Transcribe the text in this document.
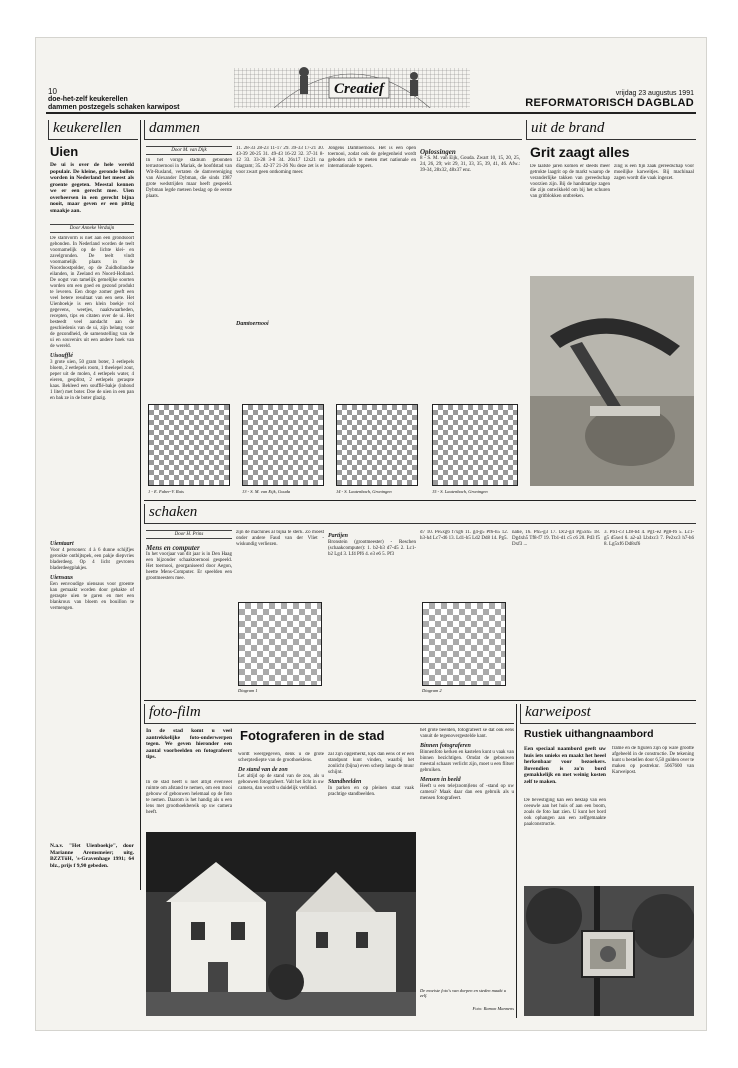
10
doe-het-zelf keukerellen
dammen postzegels schaken karwipost
Creatief	vrijdag 23 augustus 1991
REFORMATORISCH DAGBLAD
keukerellen
Uien
De ui is over de hele wereld populair. De kleine, geronde bollen worden in Nederland het meest als groente gegeten. Meestal kennen we er een gerecht mee. Uien overheersen in een gerecht bijna nooit, maar geven er een pittig smaakje aan.
Door Anneke Verduijn

De stamvorm is niet aan een grondsoort gebonden. In Nederland worden de teelt voornamelijk op de lichte klei- en zavelgronden. De teelt vindt voornamelijk plaats in de Noordoostpolder, op de Zuidhollandse eilanden, in Zeeland en Noord-Holland. De oogst van tamelijk gemelijke soorten worden om een goed en gezond produkt te leveren. Een droge zomer geeft een veel betere resultaat van een oete. Het Uienboekje is een klein boekje vol gegevens, weetjes, naaktwaarheden, recepten, tips en citaten over de ui. Het besteedt veel aandacht aan de geschiedenis van de ui, zijn belang voor de gezondheid, de samenstelling van de ui en souvenirs uit een andere hoek van de wereld.

Uisoufflé

3 grote uien, 50 gram boter, 3 eetlepels bloem, 2 eetlepels room, 1 theelepel zout, peper uit de molen, 4 eetlepels water, 4 eieren, gesplitst, 2 eetlepels geraspte kaas. Bekleed een soufflé-bakje (inhoud 1 liter) met boter. Doe de uien in een pan en bak ze in de boter glazig.

Uientaart

Voor 4 personen: 4 à 6 dunne schijfjes gerookte ontbijtspek, een pakje diepvries bladerdeeg. Op 4 licht gevroren bladerdeegplakjes.

Uiensaus

Een eenvoudige uiensaus voor groente kan gemaakt worden door gehakte of geraspte uien te garen en met een blankroux van bloem en bouillon te vermengen.

N.a.v. "Het Uienboekje", door Marianne Aremsmeier; uitg. BZZTôH, 's-Gravenhage 1991; 64 blz., prijs f 9,90 gebeden.
dammen
Door M. van Dijk
In het vorige stadium gebonden terrastoernooi in Mariak, de hoofdstad van Wit-Rusland, vertaten de damvereniging van Alexander Dybman, die sinds 1987 grote wedstrijden maar heeft gespeeld. Dybman legde meteen beslag op de eerste plaats.
11. 28-33 28-23 11-17 29. 39-33 17-21 30. 43-39 20-25 31. 49-43 16-22 32. 37-31 8-12 33. 33-28 3-8 34. 26x17 12x21 na diagram; 35. 42-37 21-26 Nu deze zet is er voor zwart geen ontkoming meer.
Damtoernooi
Jongens Damtoernooi. Het is een open toernooi, zodat ook de gelegenheid wordt geboden zich te meten met nationale en internationale toppers.
Oplossingen

8 - S. M. van Eijk, Gouda. Zwart 10, 15, 20, 25, 24, 26, 29; wit 29, 31, 33, 35, 39, 41, 46. Afw.: 39-34, 28x32, 48x37 enz.

1 - E. Faber-V. Rais	13 - S. M. van Eijk, Gouda	14 - S. Lautenbach, Groningen	15 - S. Lautenbach, Groningen
uit de brand
Grit zaagt alles
De laatste jaren komen er steeds meer getrokte laagrit op de markt waarop de veranderlijke takken van gereedschap voorzien zijn. Bij de handmatige zagen die zijn ontwikkeld om bij het schuren van gritblokken ontbreken.
zing is een fijn zaak gereedschap voor moeilijke karweitjes. Bij machinaal zagen wordt die vaak ingezet.
schaken
Door H. Prins
Mens en computer

In het voorjaar van dit jaar is in Den Haag een bijzonder schaaktoernooi gespeeld. Het toernooi, georganiseerd door Aegon, heette Mens-Computer. Er speelden een grootmeesters mee.

zijn de machines al bijna te sterk. Zo moest onder andere Faud van der Vliet - wiskundig verliezen.
Diagram 1
Partijen

Bronstein (grootmeester) - Reschen (schaakcomputer): 1. b2-b3 d7-d5 2. Lc1-b2 Lg4 3. Lf4 Pf6 4. e3 e6 5. Pf3

d7 10. Pe5xg6 f7xg6 11. g4-g5 Pf6-h5 12. h3-h4 Lc7-d6 13. Ld1-h5 Ld2 Dd8 14. Pg5.
Diagram 2
natie, 16. Ph5-g3 17. Dc2-g4 Pg5xh5 18. Dg4xh5 Tf8-f7 19. Tb1-d1 c5 c6 20. Pd3 f5 Dxf3 ...
3. Pb1-c3 Lf8-b4 4. Pg1-e2 Pg8-f6 5. Lc1-g5 d5xe4 6. a2-a3 Lb4xc3 7. Pe2xc3 h7-h6 8. Lg5xf6 Dd8xf6
foto-film
In de stad komt u veel aantrekkelijke foto-onderwerpen tegen. We geven hieronder een aantal voorbeelden en fotografeert tips.
In de stad heeft u niet altijd evenveel ruimte om afstand te nemen, om een mooi gebouw of gebouwen helemaal op de foto te nemen. Daarom is het handig als u een lens met groothoekbereik op uw camera heeft.
Fotograferen in de stad

wordt weergegeven, denk u de grote scherptediepte van de groothoeklens.

De stand van de zon

Let altijd op de stand van de zon, als u gebouwen fotografeert. Valt het licht in uw camera, dan wordt u duidelijk verblind.

zal zijn opgemerkt, kijk dan eens of er een standpunt kunt vinden, waarbij het zonlicht (bijna) even scherp langs de muur schijnt.

Standbeelden

In parken en op pleinen staat vaak prachtige standbeelden.

het grote beelden, fotografeert se dat ook eens vanuit de tegenovergestelde kant.

Binnen fotograferen

Binnenfoto kerken en kastelen kunt u vaak van binnen bezichtigen. Omdat de gebouwen meestal schaars verlicht zijn, moet u een flitser gebruiken.

Mensen in beeld

Heeft u een tele(zoom)lens of -stand op uw camera? Maak daar dan een gebruik als u mensen fotografeert.

De moeiste foto's van dorpen en steden maakt u zelf.
Foto: Ramon Mannens
karweipost
Rustiek uithangnaambord
Een speciaal naambord geeft uw huis iets unieks en maakt het heeel herkenbaar voor bezoekers. Bovendien is zo'n bord gemakkelijk en met weinig kosten zelf te maken.
De bevestiging kan een beklap van een ceeuwle aan het huis of aan een boom, zoals de foto laat zien. U kunt het bord ook ophangen aan een zelfgemaakte paalconstructie.
frame en de figuren zijn op ware grootte afgebeeld in de constructie. De tekening kunt u bestellen door 6,50 gulden over te maken op postreknr. 5667600 van Karweipost.
